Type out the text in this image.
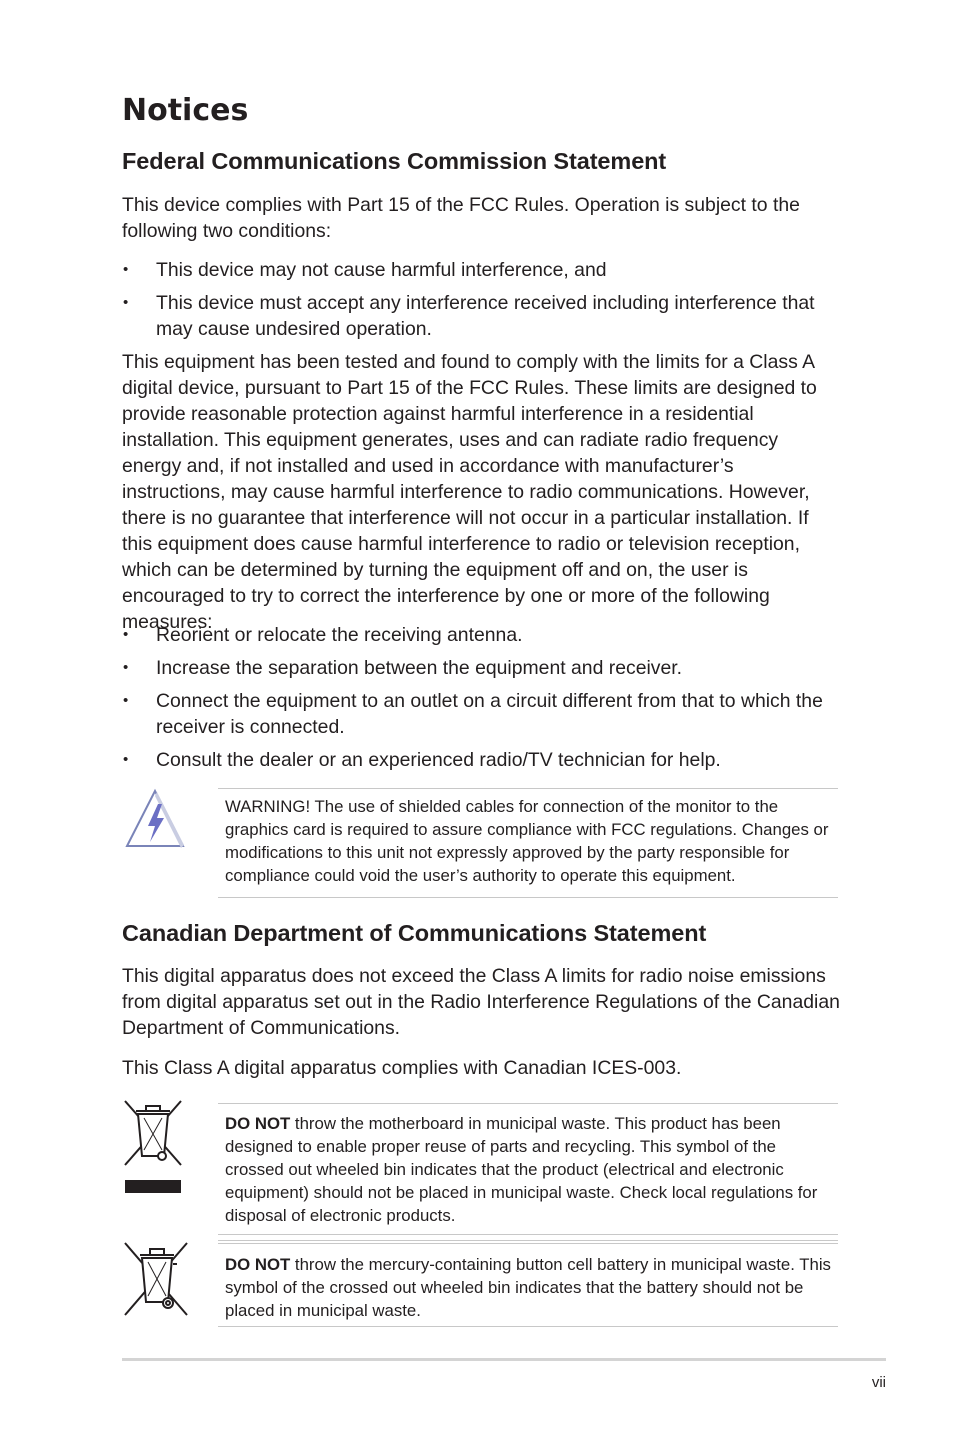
Notices
Federal Communications Commission Statement

This device complies with Part 15 of the FCC Rules. Operation is subject to the following two conditions:

• This device may not cause harmful interference, and
• This device must accept any interference received including interference that may cause undesired operation.

This equipment has been tested and found to comply with the limits for a Class A digital device, pursuant to Part 15 of the FCC Rules. These limits are designed to provide reasonable protection against harmful interference in a residential installation. This equipment generates, uses and can radiate radio frequency energy and, if not installed and used in accordance with manufacturer’s instructions, may cause harmful interference to radio communications. However, there is no guarantee that interference will not occur in a particular installation. If this equipment does cause harmful interference to radio or television reception, which can be determined by turning the equipment off and on, the user is encouraged to try to correct the interference by one or more of the following measures:

• Reorient or relocate the receiving antenna.
• Increase the separation between the equipment and receiver.
• Connect the equipment to an outlet on a circuit different from that to which the receiver is connected.
• Consult the dealer or an experienced radio/TV technician for help.

WARNING! The use of shielded cables for connection of the monitor to the graphics card is required to assure compliance with FCC regulations. Changes or modifications to this unit not expressly approved by the party responsible for compliance could void the user’s authority to operate this equipment.

Canadian Department of Communications Statement

This digital apparatus does not exceed the Class A limits for radio noise emissions from digital apparatus set out in the Radio Interference Regulations of the Canadian Department of Communications.

This Class A digital apparatus complies with Canadian ICES-003.

DO NOT throw the motherboard in municipal waste. This product has been designed to enable proper reuse of parts and recycling. This symbol of the crossed out wheeled bin indicates that the product (electrical and electronic equipment) should not be placed in municipal waste. Check local regulations for disposal of electronic products.

DO NOT throw the mercury-containing button cell battery in municipal waste. This symbol of the crossed out wheeled bin indicates that the battery should not be placed in municipal waste.

vii
